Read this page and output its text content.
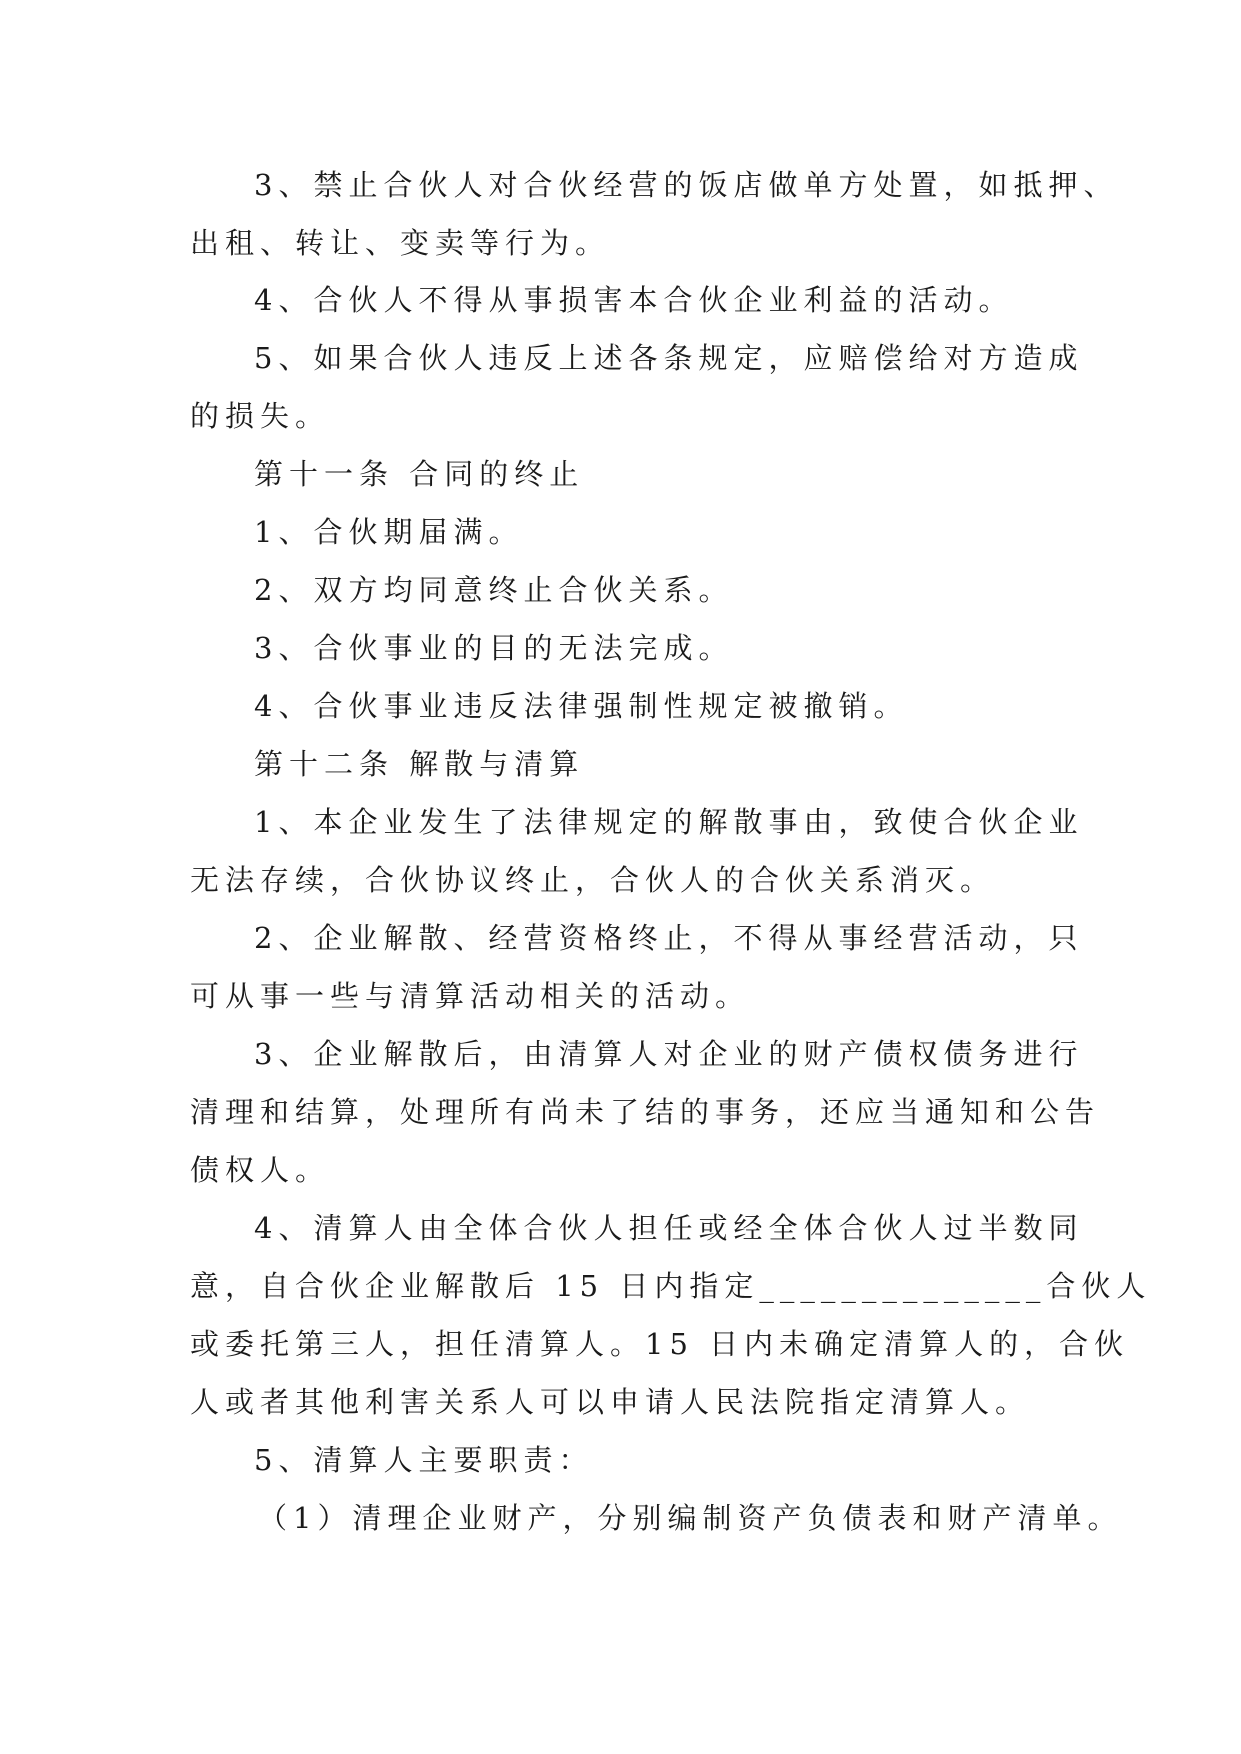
3、禁止合伙人对合伙经营的饭店做单方处置，如抵押、
出租、转让、变卖等行为。
4、合伙人不得从事损害本合伙企业利益的活动。
5、如果合伙人违反上述各条规定，应赔偿给对方造成
的损失。
第十一条 合同的终止
1、合伙期届满。
2、双方均同意终止合伙关系。
3、合伙事业的目的无法完成。
4、合伙事业违反法律强制性规定被撤销。
第十二条 解散与清算
1、本企业发生了法律规定的解散事由，致使合伙企业
无法存续，合伙协议终止，合伙人的合伙关系消灭。
2、企业解散、经营资格终止，不得从事经营活动，只
可从事一些与清算活动相关的活动。
3、企业解散后，由清算人对企业的财产债权债务进行
清理和结算，处理所有尚未了结的事务，还应当通知和公告
债权人。
4、清算人由全体合伙人担任或经全体合伙人过半数同
意，自合伙企业解散后 15 日内指定______________合伙人
或委托第三人，担任清算人。15 日内未确定清算人的，合伙
人或者其他利害关系人可以申请人民法院指定清算人。
5、清算人主要职责：
（1）清理企业财产，分别编制资产负债表和财产清单。
